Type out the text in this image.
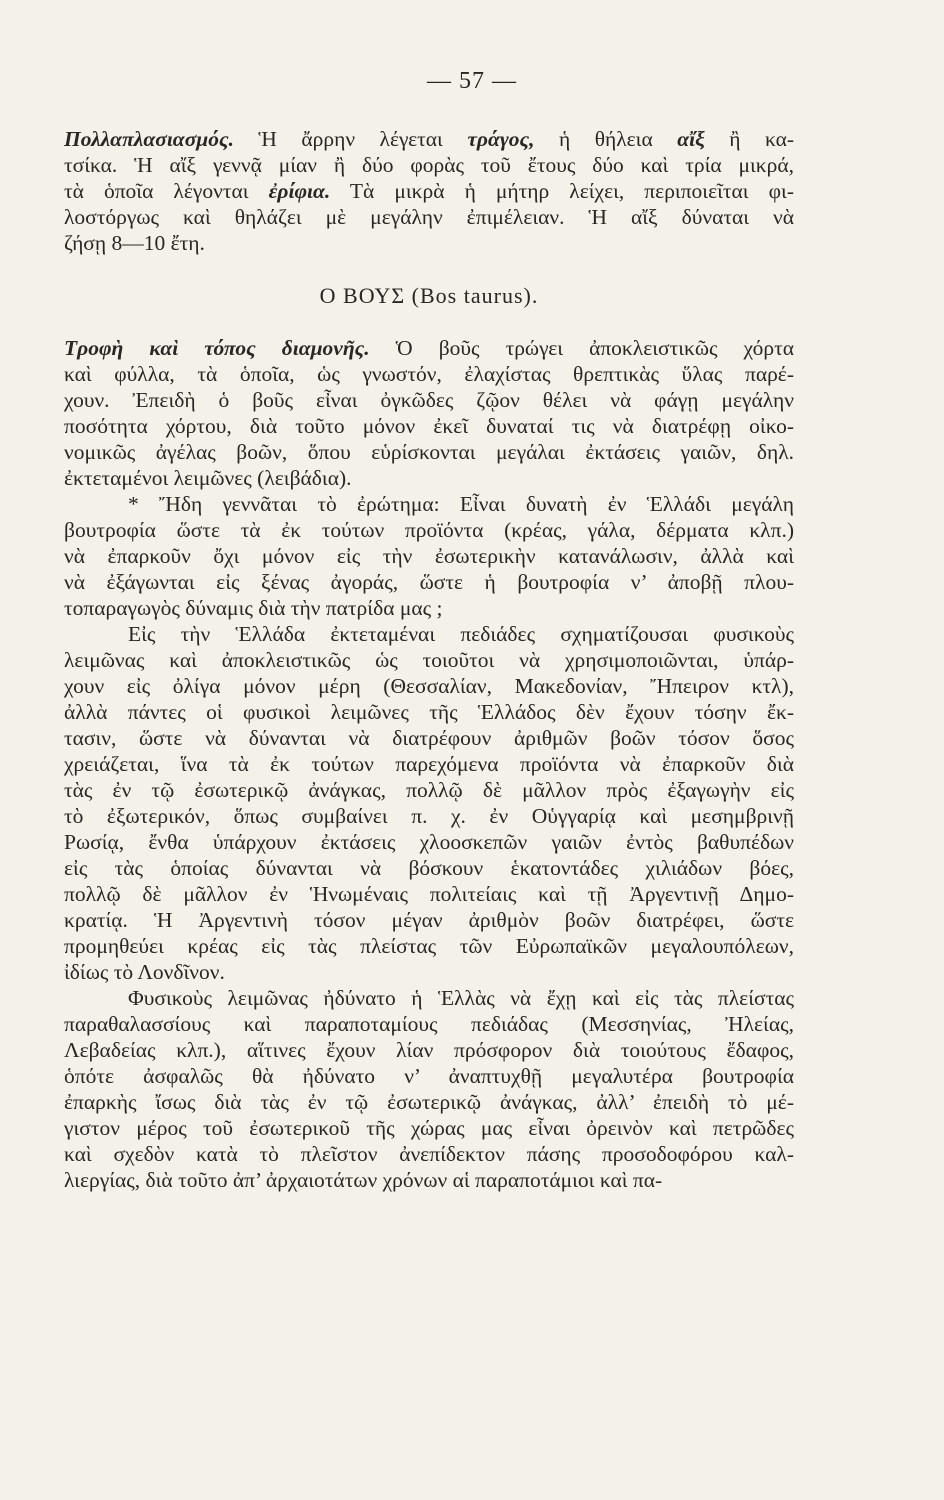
— 57 —
Πολλαπλασιασμός. Ἡ ἄρρην λέγεται τράγος, ἡ θήλεια αἴξ ἢ κα-
τσίκα. Ἡ αἴξ γεννᾷ μίαν ἢ δύο φορὰς τοῦ ἔτους δύο καὶ τρία μικρά,
τὰ ὁποῖα λέγονται ἐρίφια. Τὰ μικρὰ ἡ μήτηρ λείχει, περιποιεῖται φι-
λοστόργως καὶ θηλάζει μὲ μεγάλην ἐπιμέλειαν. Ἡ αἴξ δύναται νὰ
ζήσῃ 8—10 ἔτη.
Ο ΒΟΥΣ (Bos taurus).
Τροφὴ καὶ τόπος διαμονῆς. Ὁ βοῦς τρώγει ἀποκλειστικῶς χόρτα
καὶ φύλλα, τὰ ὁποῖα, ὡς γνωστόν, ἐλαχίστας θρεπτικὰς ὕλας παρέ-
χουν. Ἐπειδὴ ὁ βοῦς εἶναι ὀγκῶδες ζῷον θέλει νὰ φάγῃ μεγάλην
ποσότητα χόρτου, διὰ τοῦτο μόνον ἐκεῖ δυναταί τις νὰ διατρέφῃ οἰκο-
νομικῶς ἀγέλας βοῶν, ὅπου εὑρίσκονται μεγάλαι ἐκτάσεις γαιῶν, δηλ.
ἐκτεταμένοι λειμῶνες (λειβάδια).
* Ἤδη γεννᾶται τὸ ἐρώτημα: Εἶναι δυνατὴ ἐν Ἑλλάδι μεγάλη
βουτροφία ὥστε τὰ ἐκ τούτων προϊόντα (κρέας, γάλα, δέρματα κλπ.)
νὰ ἐπαρκοῦν ὄχι μόνον εἰς τὴν ἐσωτερικὴν κατανάλωσιν, ἀλλὰ καὶ
νὰ ἐξάγωνται εἰς ξένας ἀγοράς, ὥστε ἡ βουτροφία ν’ ἀποβῇ πλου-
τοπαραγωγὸς δύναμις διὰ τὴν πατρίδα μας ;
Εἰς τὴν Ἑλλάδα ἐκτεταμέναι πεδιάδες σχηματίζουσαι φυσικοὺς
λειμῶνας καὶ ἀποκλειστικῶς ὡς τοιοῦτοι νὰ χρησιμοποιῶνται, ὑπάρ-
χουν εἰς ὀλίγα μόνον μέρη (Θεσσαλίαν, Μακεδονίαν, Ἤπειρον κτλ),
ἀλλὰ πάντες οἱ φυσικοὶ λειμῶνες τῆς Ἑλλάδος δὲν ἔχουν τόσην ἔκ-
τασιν, ὥστε νὰ δύνανται νὰ διατρέφουν ἀριθμῶν βοῶν τόσον ὅσος
χρειάζεται, ἵνα τὰ ἐκ τούτων παρεχόμενα προϊόντα νὰ ἐπαρκοῦν διὰ
τὰς ἐν τῷ ἐσωτερικῷ ἀνάγκας, πολλῷ δὲ μᾶλλον πρὸς ἐξαγωγὴν εἰς
τὸ ἐξωτερικόν, ὅπως συμβαίνει π. χ. ἐν Οὑγγαρίᾳ καὶ μεσημβρινῇ
Ρωσίᾳ, ἔνθα ὑπάρχουν ἐκτάσεις χλοοσκεπῶν γαιῶν ἐντὸς βαθυπέδων
εἰς τὰς ὁποίας δύνανται νὰ βόσκουν ἑκατοντάδες χιλιάδων βόες,
πολλῷ δὲ μᾶλλον ἐν Ἡνωμέναις πολιτείαις καὶ τῇ Ἀργεντινῇ Δημο-
κρατίᾳ. Ἡ Ἀργεντινὴ τόσον μέγαν ἀριθμὸν βοῶν διατρέφει, ὥστε
προμηθεύει κρέας εἰς τὰς πλείστας τῶν Εὐρωπαϊκῶν μεγαλουπόλεων,
ἰδίως τὸ Λονδῖνον.
Φυσικοὺς λειμῶνας ἠδύνατο ἡ Ἑλλὰς νὰ ἔχῃ καὶ εἰς τὰς πλείστας
παραθαλασσίους καὶ παραποταμίους πεδιάδας (Μεσσηνίας, Ἠλείας,
Λεβαδείας κλπ.), αἵτινες ἔχουν λίαν πρόσφορον διὰ τοιούτους ἔδαφος,
ὁπότε ἀσφαλῶς θὰ ἠδύνατο ν’ ἀναπτυχθῇ μεγαλυτέρα βουτροφία
ἐπαρκὴς ἴσως διὰ τὰς ἐν τῷ ἐσωτερικῷ ἀνάγκας, ἀλλ’ ἐπειδὴ τὸ μέ-
γιστον μέρος τοῦ ἐσωτερικοῦ τῆς χώρας μας εἶναι ὀρεινὸν καὶ πετρῶδες
καὶ σχεδὸν κατὰ τὸ πλεῖστον ἀνεπίδεκτον πάσης προσοδοφόρου καλ-
λιεργίας, διὰ τοῦτο ἀπ’ ἀρχαιοτάτων χρόνων αἱ παραποτάμιοι καὶ πα-
